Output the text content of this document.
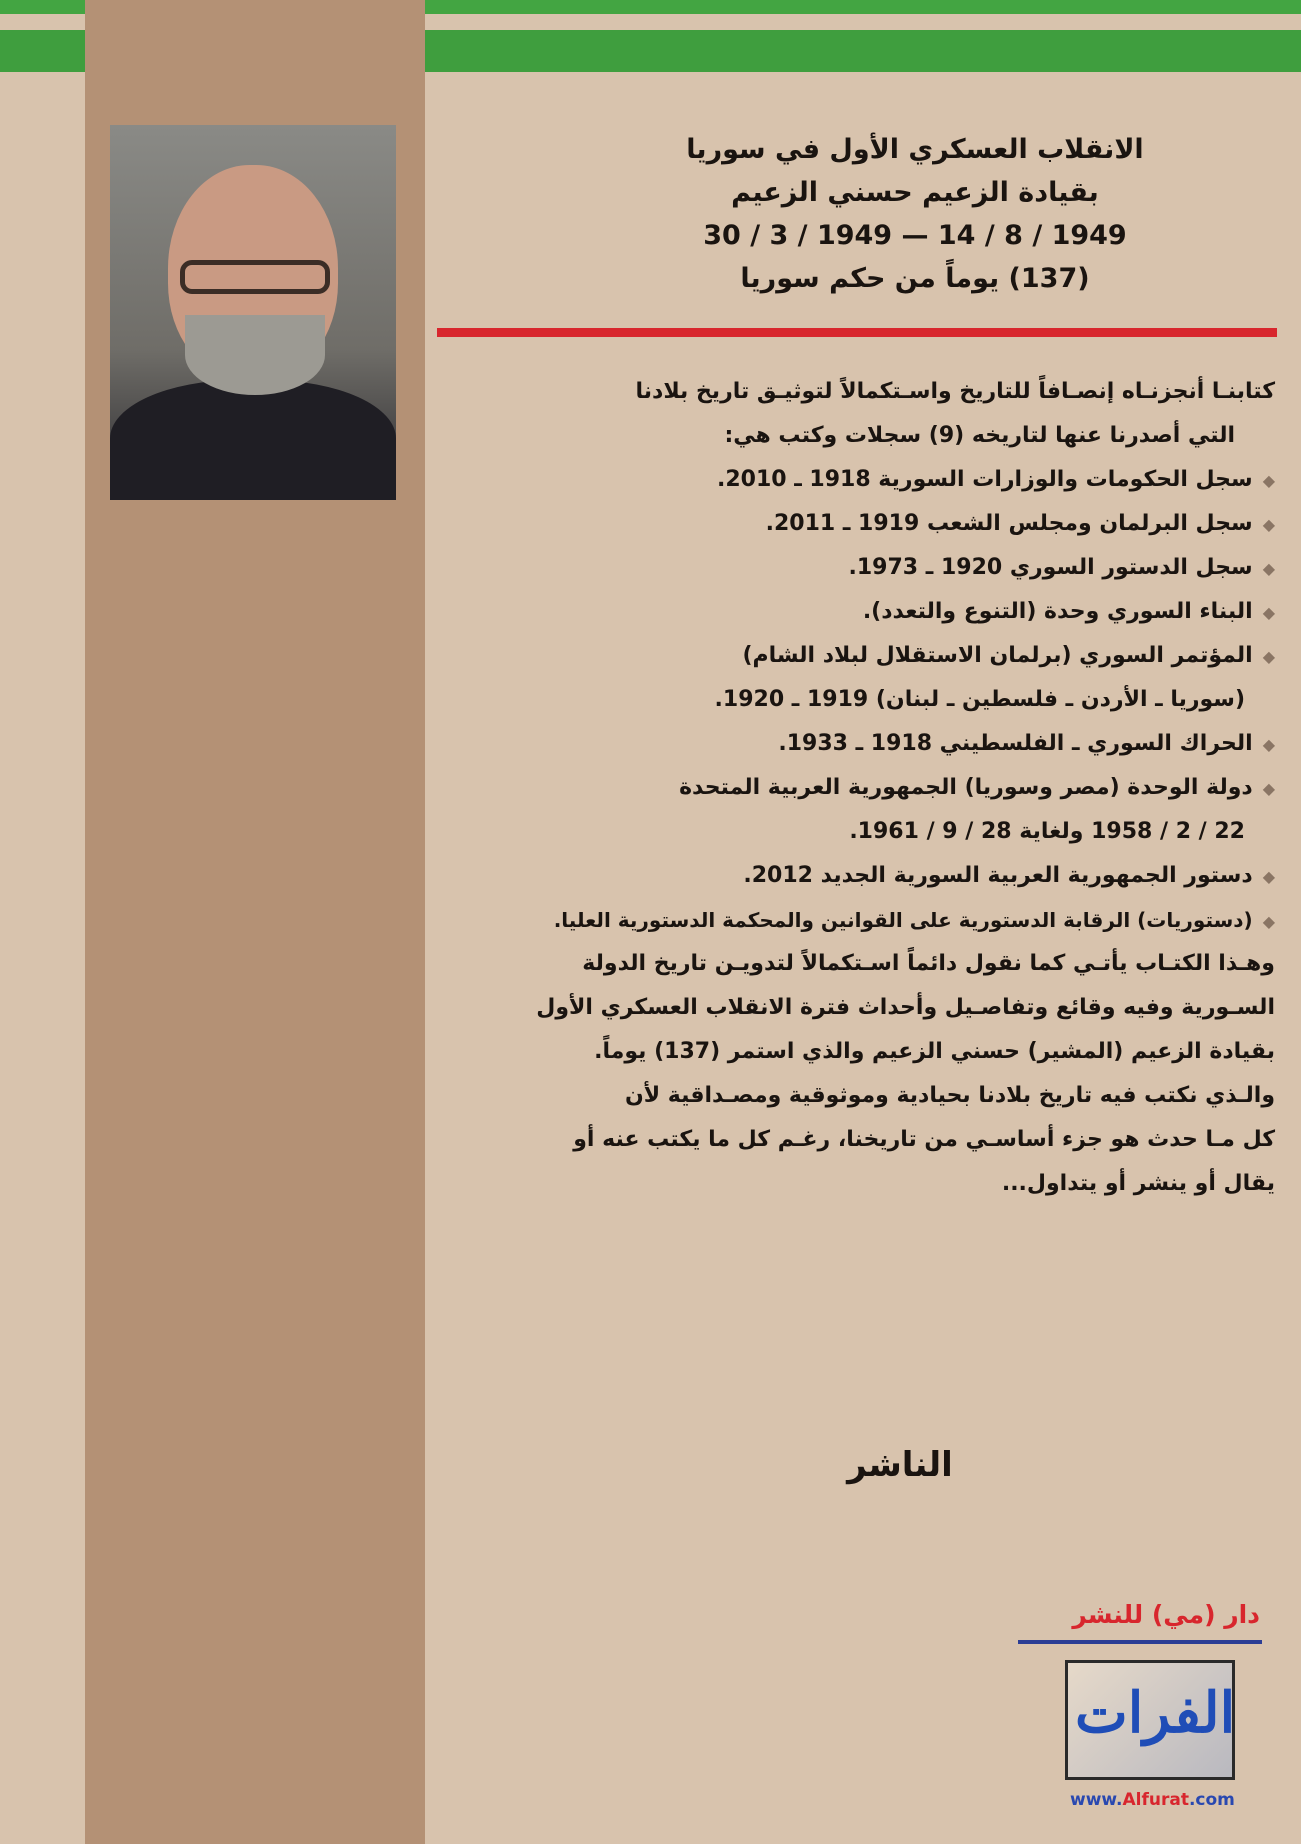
الانقلاب العسكري الأول في سوريا
بقيادة الزعيم حسني الزعيم
30 / 3 / 1949 — 14 / 8 / 1949
(137) يوماً من حكم سوريا
كتابنـا أنجزنـاه إنصـافاً للتاريخ واسـتكمالاً لتوثيـق تاريخ بلادنا
التي أصدرنا عنها لتاريخه (9) سجلات وكتب هي:
◆سجل الحكومات والوزارات السورية 1918 ـ 2010.
◆سجل البرلمان ومجلس الشعب 1919 ـ 2011.
◆سجل الدستور السوري 1920 ـ 1973.
◆البناء السوري وحدة (التنوع والتعدد).
◆المؤتمر السوري (برلمان الاستقلال لبلاد الشام)
(سوريا ـ الأردن ـ فلسطين ـ لبنان) 1919 ـ 1920.
◆الحراك السوري ـ الفلسطيني 1918 ـ 1933.
◆دولة الوحدة (مصر وسوريا) الجمهورية العربية المتحدة
22 / 2 / 1958 ولغاية 28 / 9 / 1961.
◆دستور الجمهورية العربية السورية الجديد 2012.
◆(دستوريات) الرقابة الدستورية على القوانين والمحكمة الدستورية العليا.
وهـذا الكتـاب يأتـي كما نقول دائماً اسـتكمالاً لتدويـن تاريخ الدولة
السـورية وفيه وقائع وتفاصـيل وأحداث فترة الانقلاب العسكري الأول
بقيادة الزعيم (المشير) حسني الزعيم والذي استمر (137) يوماً.
والـذي نكتب فيه تاريخ بلادنا بحيادية وموثوقية ومصـداقية لأن
كل مـا حدث هو جزء أساسـي من تاريخنا، رغـم كل ما يكتب عنه أو
يقال أو ينشر أو يتداول...
الناشر
دار (مي) للنشر
الفرات
www.Alfurat.com
